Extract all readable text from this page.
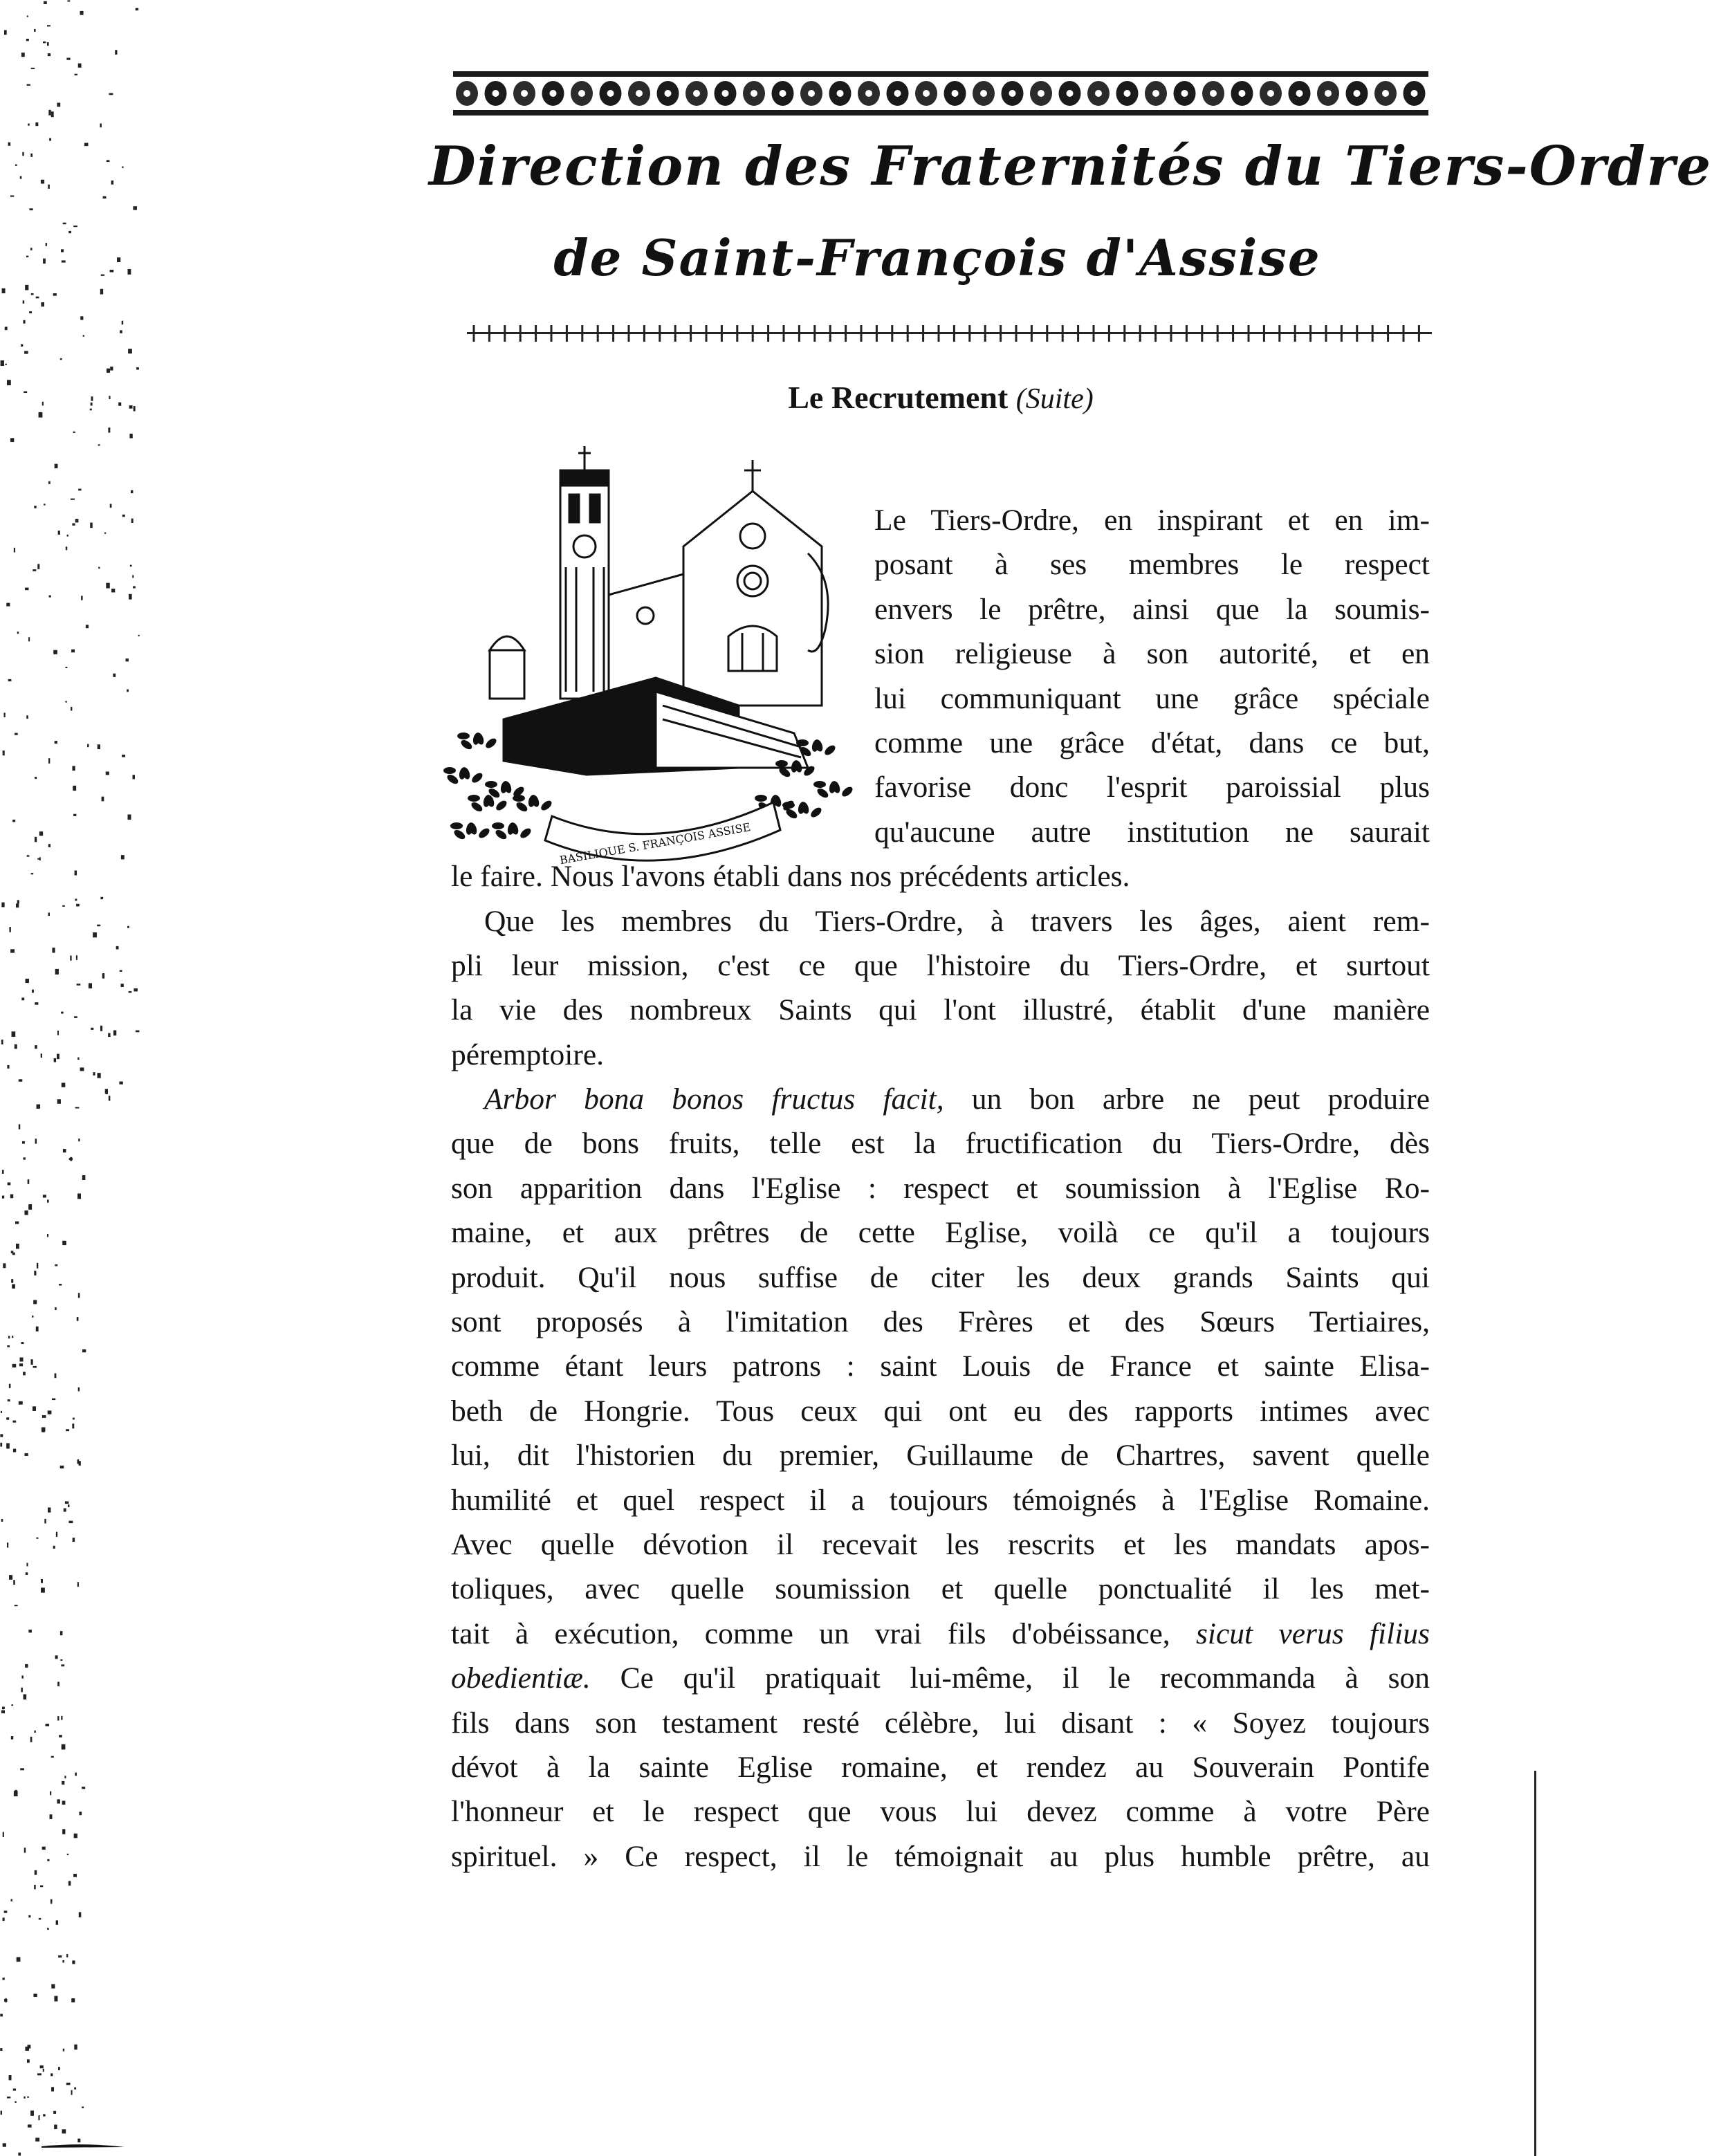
Direction des Fraternités du Tiers-Ordre
de Saint-François d'Assise
Le Recrutement (Suite)
BASILIQUE S. FRANÇOIS ASSISE
Le Tiers-Ordre, en inspirant et en im-
posant à ses membres le respect
envers le prêtre, ainsi que la soumis-
sion religieuse à son autorité, et en
lui communiquant une grâce spéciale
comme une grâce d'état, dans ce but,
favorise donc l'esprit paroissial plus
qu'aucune autre institution ne saurait
le faire. Nous l'avons établi dans nos précédents articles.
Que les membres du Tiers-Ordre, à travers les âges, aient rem-
pli leur mission, c'est ce que l'histoire du Tiers-Ordre, et surtout
la vie des nombreux Saints qui l'ont illustré, établit d'une manière
péremptoire.
Arbor bona bonos fructus facit, un bon arbre ne peut produire
que de bons fruits, telle est la fructification du Tiers-Ordre, dès
son apparition dans l'Eglise : respect et soumission à l'Eglise Ro-
maine, et aux prêtres de cette Eglise, voilà ce qu'il a toujours
produit. Qu'il nous suffise de citer les deux grands Saints qui
sont proposés à l'imitation des Frères et des Sœurs Tertiaires,
comme étant leurs patrons : saint Louis de France et sainte Elisa-
beth de Hongrie. Tous ceux qui ont eu des rapports intimes avec
lui, dit l'historien du premier, Guillaume de Chartres, savent quelle
humilité et quel respect il a toujours témoignés à l'Eglise Romaine.
Avec quelle dévotion il recevait les rescrits et les mandats apos-
toliques, avec quelle soumission et quelle ponctualité il les met-
tait à exécution, comme un vrai fils d'obéissance, sicut verus filius
obedientiæ. Ce qu'il pratiquait lui-même, il le recommanda à son
fils dans son testament resté célèbre, lui disant : « Soyez toujours
dévot à la sainte Eglise romaine, et rendez au Souverain Pontife
l'honneur et le respect que vous lui devez comme à votre Père
spirituel. » Ce respect, il le témoignait au plus humble prêtre, au
